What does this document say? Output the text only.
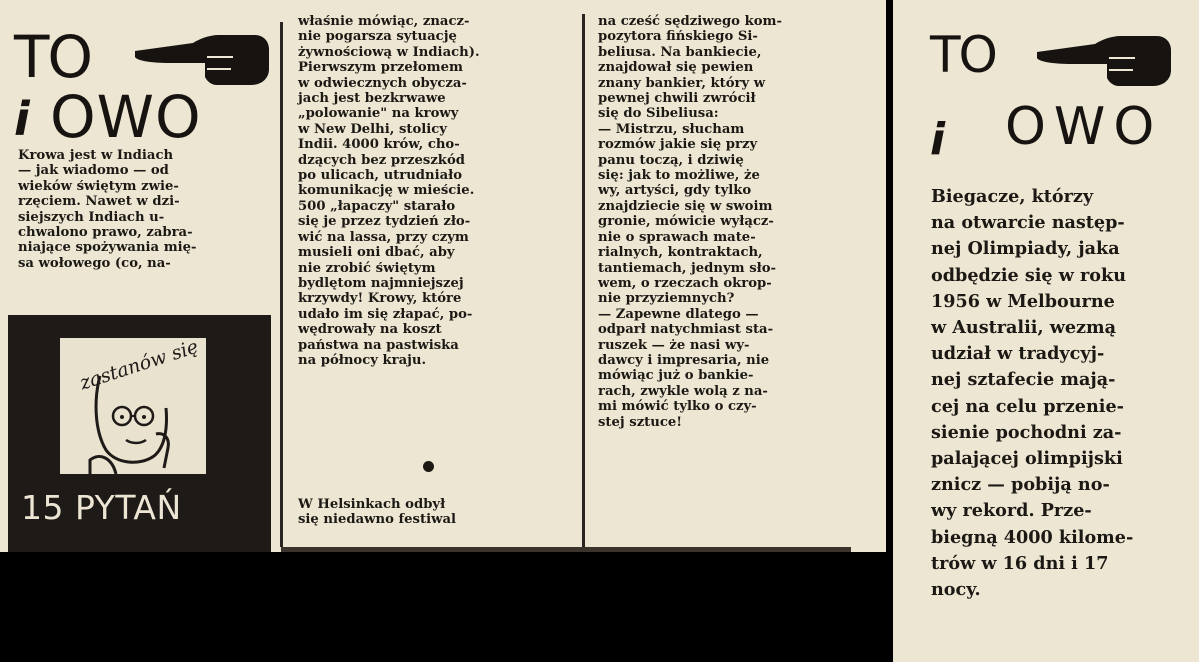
TO
i OWO
Krowa jest w Indiach
— jak wiadomo — od
wieków świętym zwie-
rzęciem. Nawet w dzi-
siejszych Indiach u-
chwalono prawo, zabra-
niające spożywania mię-
sa wołowego (co, na-
zastanów się
15 PYTAŃ
właśnie mówiąc, znacz-
nie pogarsza sytuację
żywnościową w Indiach).
Pierwszym przełomem
w odwiecznych obycza-
jach jest bezkrwawe
„polowanie" na krowy
w New Delhi, stolicy
Indii. 4000 krów, cho-
dzących bez przeszkód
po ulicach, utrudniało
komunikację w mieście.
500 „łapaczy" starało
się je przez tydzień zło-
wić na lassa, przy czym
musieli oni dbać, aby
nie zrobić świętym
bydlętom najmniejszej
krzywdy! Krowy, które
udało im się złapać, po-
wędrowały na koszt
państwa na pastwiska
na północy kraju.
W Helsinkach odbył
się niedawno festiwal
na cześć sędziwego kom-
pozytora fińskiego Si-
beliusa. Na bankiecie,
znajdował się pewien
znany bankier, który w
pewnej chwili zwrócił
się do Sibeliusa:
— Mistrzu, słucham
rozmów jakie się przy
panu toczą, i dziwię
się: jak to możliwe, że
wy, artyści, gdy tylko
znajdziecie się w swoim
gronie, mówicie wyłącz-
nie o sprawach mate-
rialnych, kontraktach,
tantiemach, jednym sło-
wem, o rzeczach okrop-
nie przyziemnych?
— Zapewne dlatego —
odparł natychmiast sta-
ruszek — że nasi wy-
dawcy i impresaria, nie
mówiąc już o bankie-
rach, zwykle wolą z na-
mi mówić tylko o czy-
stej sztuce!
TO
i OWO
Biegacze, którzy
na otwarcie następ-
nej Olimpiady, jaka
odbędzie się w roku
1956 w Melbourne
w Australii, wezmą
udział w tradycyj-
nej sztafecie mają-
cej na celu przenie-
sienie pochodni za-
palającej olimpijski
znicz — pobiją no-
wy rekord. Prze-
biegną 4000 kilome-
trów w 16 dni i 17
nocy.
